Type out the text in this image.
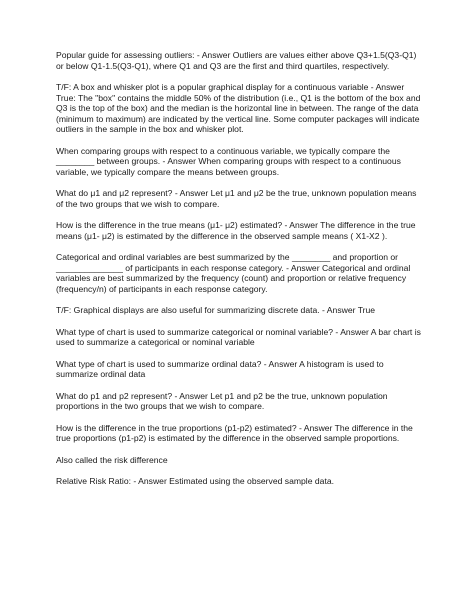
Popular guide for assessing outliers: - Answer Outliers are values either above Q3+1.5(Q3-Q1) or below Q1-1.5(Q3-Q1), where Q1 and Q3 are the first and third quartiles, respectively.

T/F: A box and whisker plot is a popular graphical display for a continuous variable - Answer True: The "box" contains the middle 50% of the distribution (i.e., Q1 is the bottom of the box and Q3 is the top of the box) and the median is the horizontal line in between. The range of the data (minimum to maximum) are indicated by the vertical line. Some computer packages will indicate outliers in the sample in the box and whisker plot.

When comparing groups with respect to a continuous variable, we typically compare the ________ between groups. - Answer When comparing groups with respect to a continuous variable, we typically compare the means between groups.

What do μ1 and μ2 represent? - Answer Let μ1 and μ2 be the true, unknown population means of the two groups that we wish to compare.

How is the difference in the true means (μ1- μ2) estimated? - Answer The difference in the true means (μ1- μ2) is estimated by the difference in the observed sample means ( X1-X2 ).

Categorical and ordinal variables are best summarized by the ________ and proportion or ______________ of participants in each response category. - Answer Categorical and ordinal variables are best summarized by the frequency (count) and proportion or relative frequency (frequency/n) of participants in each response category.

T/F: Graphical displays are also useful for summarizing discrete data. - Answer True

What type of chart is used to summarize categorical or nominal variable? - Answer A bar chart is used to summarize a categorical or nominal variable

What type of chart is used to summarize ordinal data? - Answer A histogram is used to summarize ordinal data

What do p1 and p2 represent? - Answer Let p1 and p2 be the true, unknown population proportions in the two groups that we wish to compare.

How is the difference in the true proportions (p1-p2) estimated? - Answer The difference in the true proportions (p1-p2) is estimated by the difference in the observed sample proportions.

Also called the risk difference

Relative Risk Ratio: - Answer Estimated using the observed sample data.
